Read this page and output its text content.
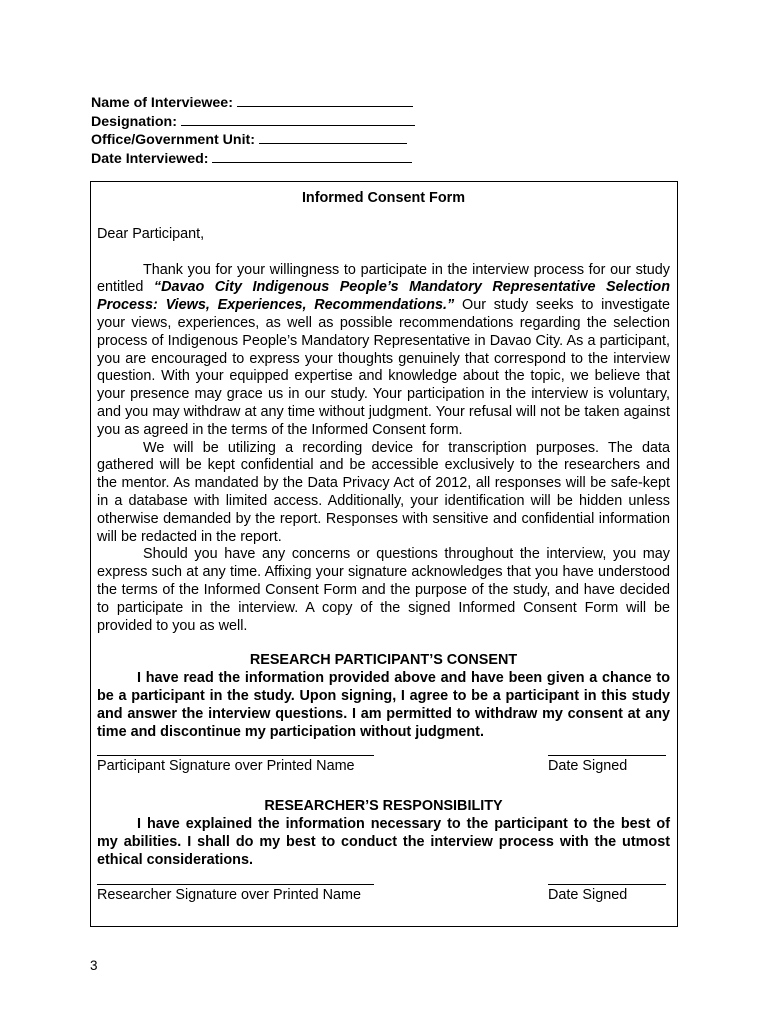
Name of Interviewee:
Designation:
Office/Government Unit:
Date Interviewed:
Informed Consent Form
Dear Participant,

Thank you for your willingness to participate in the interview process for our study entitled “Davao City Indigenous People’s Mandatory Representative Selection Process: Views, Experiences, Recommendations.” Our study seeks to investigate your views, experiences, as well as possible recommendations regarding the selection process of Indigenous People’s Mandatory Representative in Davao City. As a participant, you are encouraged to express your thoughts genuinely that correspond to the interview question. With your equipped expertise and knowledge about the topic, we believe that your presence may grace us in our study. Your participation in the interview is voluntary, and you may withdraw at any time without judgment. Your refusal will not be taken against you as agreed in the terms of the Informed Consent form.

We will be utilizing a recording device for transcription purposes. The data gathered will be kept confidential and be accessible exclusively to the researchers and the mentor. As mandated by the Data Privacy Act of 2012, all responses will be safe-kept in a database with limited access. Additionally, your identification will be hidden unless otherwise demanded by the report. Responses with sensitive and confidential information will be redacted in the report.

Should you have any concerns or questions throughout the interview, you may express such at any time. Affixing your signature acknowledges that you have understood the terms of the Informed Consent Form and the purpose of the study, and have decided to participate in the interview. A copy of the signed Informed Consent Form will be provided to you as well.

RESEARCH PARTICIPANT’S CONSENT

I have read the information provided above and have been given a chance to be a participant in the study. Upon signing, I agree to be a participant in this study and answer the interview questions. I am permitted to withdraw my consent at any time and discontinue my participation without judgment.

Participant Signature over Printed Name	Date Signed
RESEARCHER’S RESPONSIBILITY

I have explained the information necessary to the participant to the best of my abilities. I shall do my best to conduct the interview process with the utmost ethical considerations.

Researcher Signature over Printed Name	Date Signed
3
